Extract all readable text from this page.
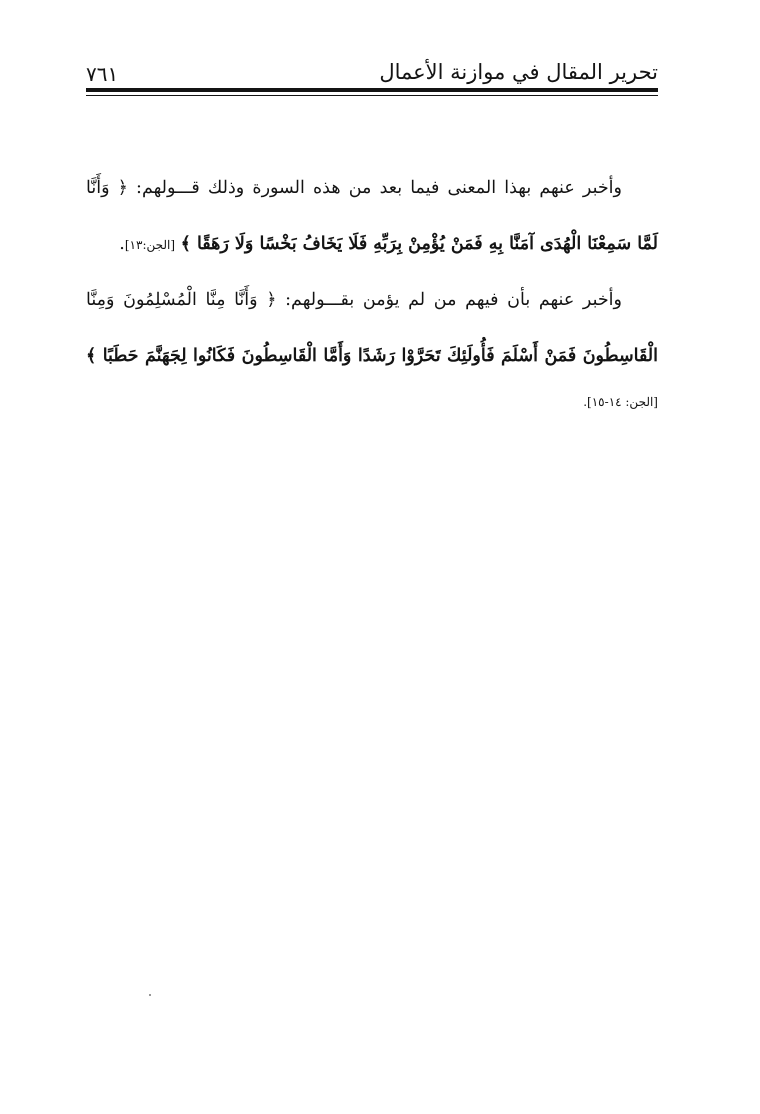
٧٦١	تحرير المقال في موازنة الأعمال
وأخبر عنهم بهذا المعنى فيما بعد من هذه السورة وذلك قـــولهم: ﴿ وَأَنَّا
لَمَّا سَمِعْنَا الْهُدَى آمَنَّا بِهِ فَمَنْ يُؤْمِنْ بِرَبِّهِ فَلَا يَخَافُ بَخْسًا وَلَا رَهَقًا ﴾ [الجن:١٣].
وأخبر عنهم بأن فيهم من لم يؤمن بقـــولهم: ﴿ وَأَنَّا مِنَّا الْمُسْلِمُونَ وَمِنَّا
الْقَاسِطُونَ فَمَنْ أَسْلَمَ فَأُولَئِكَ تَحَرَّوْا رَشَدًا وَأَمَّا الْقَاسِطُونَ فَكَانُوا لِجَهَنَّمَ حَطَبًا ﴾
[الجن: ١٤-١٥].
